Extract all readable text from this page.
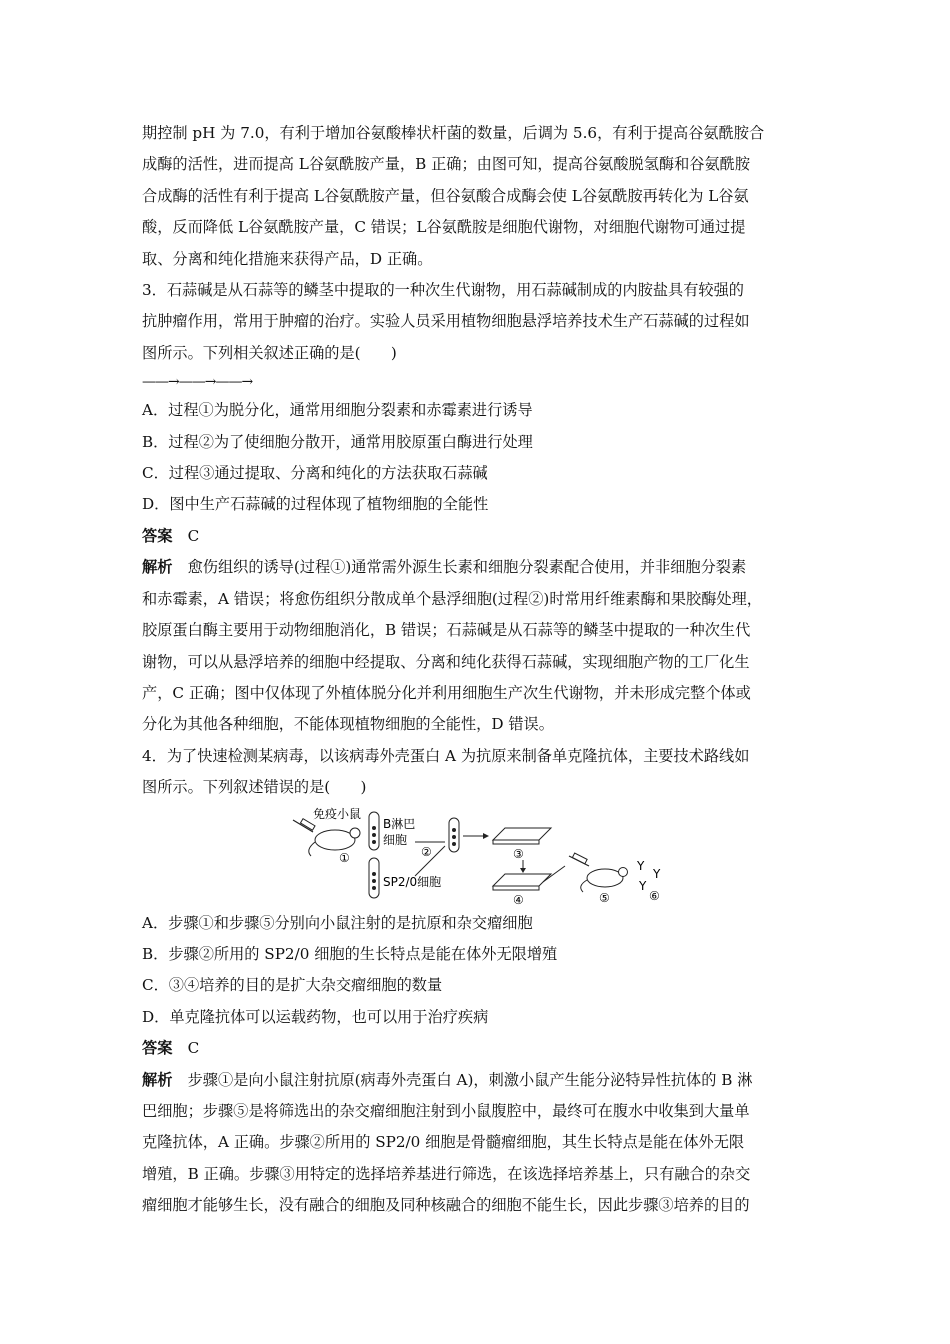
期控制 pH 为 7.0，有利于增加谷氨酸棒状杆菌的数量，后调为 5.6，有利于提高谷氨酰胺合
成酶的活性，进而提高 L谷氨酰胺产量，B 正确；由图可知，提高谷氨酸脱氢酶和谷氨酰胺
合成酶的活性有利于提高 L谷氨酰胺产量，但谷氨酸合成酶会使 L谷氨酰胺再转化为 L谷氨
酸，反而降低 L谷氨酰胺产量，C 错误；L谷氨酰胺是细胞代谢物，对细胞代谢物可通过提
取、分离和纯化措施来获得产品，D 正确。
3．石蒜碱是从石蒜等的鳞茎中提取的一种次生代谢物，用石蒜碱制成的内胺盐具有较强的
抗肿瘤作用，常用于肿瘤的治疗。实验人员采用植物细胞悬浮培养技术生产石蒜碱的过程如
图所示。下列相关叙述正确的是(　　)
——→——→——→
A．过程①为脱分化，通常用细胞分裂素和赤霉素进行诱导
B．过程②为了使细胞分散开，通常用胶原蛋白酶进行处理
C．过程③通过提取、分离和纯化的方法获取石蒜碱
D．图中生产石蒜碱的过程体现了植物细胞的全能性
答案　 C
解析　 愈伤组织的诱导(过程①)通常需外源生长素和细胞分裂素配合使用，并非细胞分裂素
和赤霉素，A 错误；将愈伤组织分散成单个悬浮细胞(过程②)时常用纤维素酶和果胶酶处理，
胶原蛋白酶主要用于动物细胞消化，B 错误；石蒜碱是从石蒜等的鳞茎中提取的一种次生代
谢物，可以从悬浮培养的细胞中经提取、分离和纯化获得石蒜碱，实现细胞产物的工厂化生
产，C 正确；图中仅体现了外植体脱分化并利用细胞生产次生代谢物，并未形成完整个体或
分化为其他各种细胞，不能体现植物细胞的全能性，D 错误。
4．为了快速检测某病毒，以该病毒外壳蛋白 A 为抗原来制备单克隆抗体，主要技术路线如
图所示。下列叙述错误的是(　　)
免疫小鼠
①
B淋巴
细胞
SP2/0细胞
②	③
④	⑤
Y
Y
Y
⑥
A．步骤①和步骤⑤分别向小鼠注射的是抗原和杂交瘤细胞
B．步骤②所用的 SP2/0 细胞的生长特点是能在体外无限增殖
C．③④培养的目的是扩大杂交瘤细胞的数量
D．单克隆抗体可以运载药物，也可以用于治疗疾病
答案　 C
解析　 步骤①是向小鼠注射抗原(病毒外壳蛋白 A)，刺激小鼠产生能分泌特异性抗体的 B 淋
巴细胞；步骤⑤是将筛选出的杂交瘤细胞注射到小鼠腹腔中，最终可在腹水中收集到大量单
克隆抗体，A 正确。步骤②所用的 SP2/0 细胞是骨髓瘤细胞，其生长特点是能在体外无限
增殖，B 正确。步骤③用特定的选择培养基进行筛选，在该选择培养基上，只有融合的杂交
瘤细胞才能够生长，没有融合的细胞及同种核融合的细胞不能生长，因此步骤③培养的目的
